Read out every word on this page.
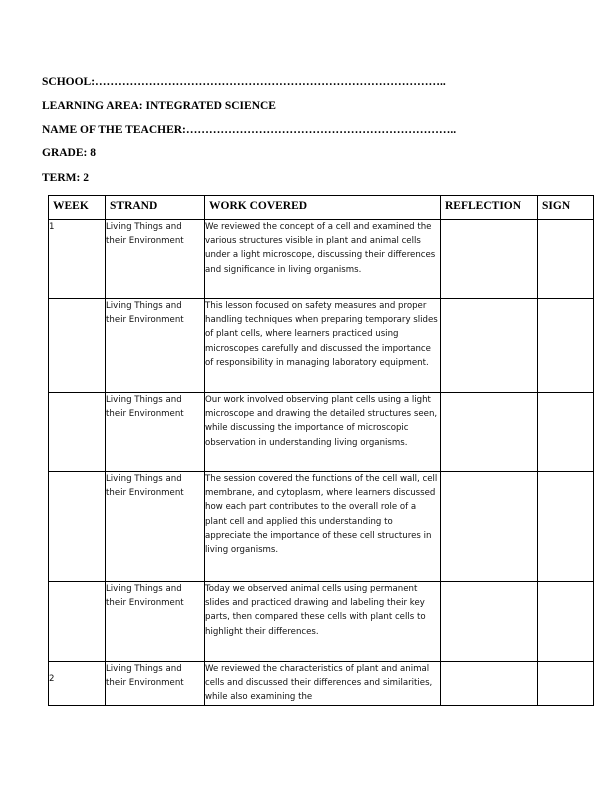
SCHOOL:………………………………………………………………………………..
LEARNING AREA: INTEGRATED SCIENCE
NAME OF THE TEACHER:……………………………………………………………..
GRADE: 8
TERM: 2
WEEK	STRAND	WORK COVERED	REFLECTION	SIGN
1	Living Things and their Environment	We reviewed the concept of a cell and examined the various structures visible in plant and animal cells under a light microscope, discussing their differences and significance in living organisms.		
	Living Things and their Environment	This lesson focused on safety measures and proper handling techniques when preparing temporary slides of plant cells, where learners practiced using microscopes carefully and discussed the importance of responsibility in managing laboratory equipment.		
	Living Things and their Environment	Our work involved observing plant cells using a light microscope and drawing the detailed structures seen, while discussing the importance of microscopic observation in understanding living organisms.		
	Living Things and their Environment	The session covered the functions of the cell wall, cell membrane, and cytoplasm, where learners discussed how each part contributes to the overall role of a plant cell and applied this understanding to appreciate the importance of these cell structures in living organisms.		
	Living Things and their Environment	Today we observed animal cells using permanent slides and practiced drawing and labeling their key parts, then compared these cells with plant cells to highlight their differences.		
2	Living Things and their Environment	We reviewed the characteristics of plant and animal cells and discussed their differences and similarities, while also examining the		
